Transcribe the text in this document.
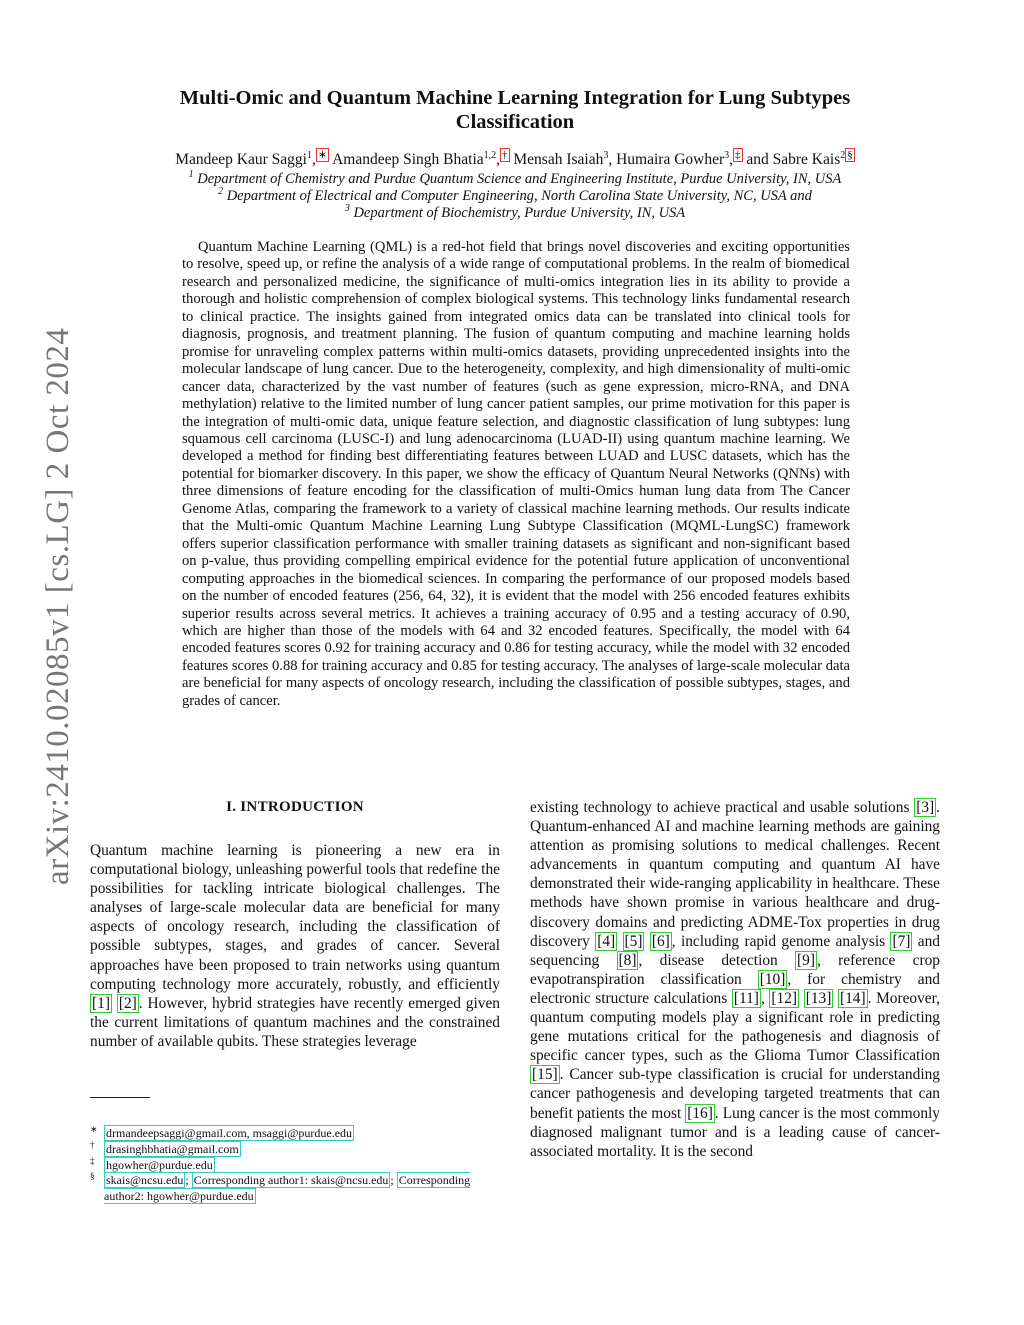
arXiv:2410.02085v1 [cs.LG] 2 Oct 2024
Multi-Omic and Quantum Machine Learning Integration for Lung Subtypes
Classification
Mandeep Kaur Saggi$^1$, ∗ Amandeep Singh Bhatia$^{1,2}$, † Mensah Isaiah$^3$, Humaira Gowher$^3$, ‡ and Sabre Kais$^2$ §
$^1$ Department of Chemistry and Purdue Quantum Science and Engineering Institute, Purdue University, IN, USA
$^2$ Department of Electrical and Computer Engineering, North Carolina State University, NC, USA and
$^3$ Department of Biochemistry, Purdue University, IN, USA
Quantum Machine Learning (QML) is a red-hot field that brings novel discoveries and exciting opportunities to resolve, speed up, or refine the analysis of a wide range of computational problems. In the realm of biomedical research and personalized medicine, the significance of multi-omics integration lies in its ability to provide a thorough and holistic comprehension of complex biological systems. This technology links fundamental research to clinical practice. The insights gained from integrated omics data can be translated into clinical tools for diagnosis, prognosis, and treatment planning. The fusion of quantum computing and machine learning holds promise for unraveling complex patterns within multi-omics datasets, providing unprecedented insights into the molecular landscape of lung cancer. Due to the heterogeneity, complexity, and high dimensionality of multi-omic cancer data, characterized by the vast number of features (such as gene expression, micro-RNA, and DNA methylation) relative to the limited number of lung cancer patient samples, our prime motivation for this paper is the integration of multi-omic data, unique feature selection, and diagnostic classification of lung subtypes: lung squamous cell carcinoma (LUSC-I) and lung adenocarcinoma (LUAD-II) using quantum machine learning. We developed a method for finding best differentiating features between LUAD and LUSC datasets, which has the potential for biomarker discovery. In this paper, we show the efficacy of Quantum Neural Networks (QNNs) with three dimensions of feature encoding for the classification of multi-Omics human lung data from The Cancer Genome Atlas, comparing the framework to a variety of classical machine learning methods. Our results indicate that the Multi-omic Quantum Machine Learning Lung Subtype Classification (MQML-LungSC) framework offers superior classification performance with smaller training datasets as significant and non-significant based on p-value, thus providing compelling empirical evidence for the potential future application of unconventional computing approaches in the biomedical sciences. In comparing the performance of our proposed models based on the number of encoded features (256, 64, 32), it is evident that the model with 256 encoded features exhibits superior results across several metrics. It achieves a training accuracy of 0.95 and a testing accuracy of 0.90, which are higher than those of the models with 64 and 32 encoded features. Specifically, the model with 64 encoded features scores 0.92 for training accuracy and 0.86 for testing accuracy, while the model with 32 encoded features scores 0.88 for training accuracy and 0.85 for testing accuracy. The analyses of large-scale molecular data are beneficial for many aspects of oncology research, including the classification of possible subtypes, stages, and grades of cancer.
I. INTRODUCTION
Quantum machine learning is pioneering a new era in computational biology, unleashing powerful tools that redefine the possibilities for tackling intricate biological challenges. The analyses of large-scale molecular data are beneficial for many aspects of oncology research, including the classification of possible subtypes, stages, and grades of cancer. Several approaches have been proposed to train networks using quantum computing technology more accurately, robustly, and efficiently [1] [2] . However, hybrid strategies have recently emerged given the current limitations of quantum machines and the constrained number of available qubits. These strategies leverage
existing technology to achieve practical and usable solutions [3] . Quantum-enhanced AI and machine learning methods are gaining attention as promising solutions to medical challenges. Recent advancements in quantum computing and quantum AI have demonstrated their wide-ranging applicability in healthcare. These methods have shown promise in various healthcare and drug-discovery domains and predicting ADME-Tox properties in drug discovery [4] [5] [6] , including rapid genome analysis [7] and sequencing [8] , disease detection [9] , reference crop evapotranspiration classification [10] , for chemistry and electronic structure calculations [11] , [12] [13] [14] . Moreover, quantum computing models play a significant role in predicting gene mutations critical for the pathogenesis and diagnosis of specific cancer types, such as the Glioma Tumor Classification [15] . Cancer sub-type classification is crucial for understanding cancer pathogenesis and developing targeted treatments that can benefit patients the most [16] . Lung cancer is the most commonly diagnosed malignant tumor and is a leading cause of cancer-associated mortality. It is the second
∗ drmandeepsaggi@gmail.com, msaggi@purdue.edu
† drasinghbhatia@gmail.com
‡ hgowher@purdue.edu
§ skais@ncsu.edu ; Corresponding author1: skais@ncsu.edu ; Corresponding author2: hgowher@purdue.edu
